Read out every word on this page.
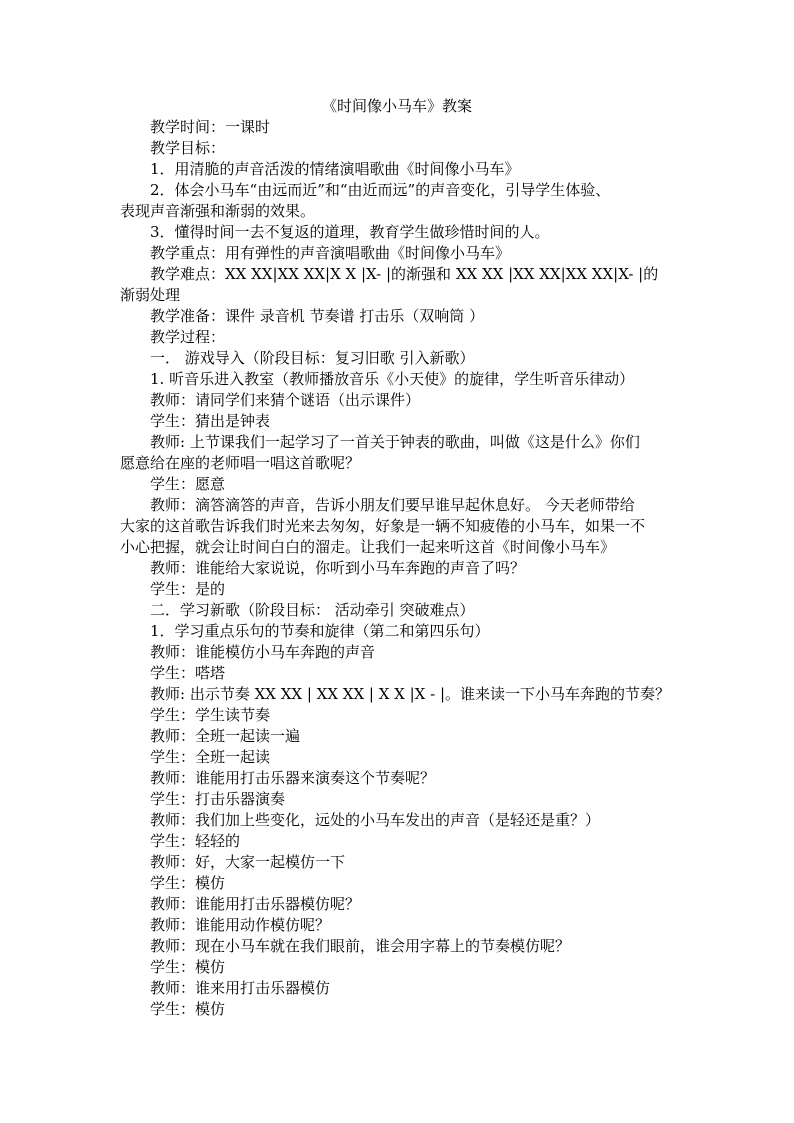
《时间像小马车》教案

教学时间：一课时

教学目标：

1．用清脆的声音活泼的情绪演唱歌曲《时间像小马车》

2．体会小马车“由远而近”和“由近而远”的声音变化，引导学生体验、

表现声音渐强和渐弱的效果。

3．懂得时间一去不复返的道理，教育学生做珍惜时间的人。

教学重点：用有弹性的声音演唱歌曲《时间像小马车》

教学难点：XX XX|XX XX|X X |X- |的渐强和 XX XX |XX XX|XX XX|X- |的

渐弱处理

教学准备：课件 录音机 节奏谱 打击乐（双响筒 ）

教学过程：

一． 游戏导入（阶段目标：复习旧歌 引入新歌）

1. 听音乐进入教室（教师播放音乐《小天使》的旋律，学生听音乐律动）

教师：请同学们来猜个谜语（出示课件）

学生：猜出是钟表

教师: 上节课我们一起学习了一首关于钟表的歌曲，叫做《这是什么》你们

愿意给在座的老师唱一唱这首歌呢？

学生：愿意

教师：滴答滴答的声音，告诉小朋友们要早谁早起休息好。 今天老师带给

大家的这首歌告诉我们时光来去匆匆，好象是一辆不知疲倦的小马车，如果一不

小心把握，就会让时间白白的溜走。让我们一起来听这首《时间像小马车》

教师：谁能给大家说说，你听到小马车奔跑的声音了吗？

学生：是的

二．学习新歌（阶段目标： 活动牵引 突破难点）

1．学习重点乐句的节奏和旋律（第二和第四乐句）

教师：谁能模仿小马车奔跑的声音

学生：嗒塔

教师: 出示节奏 XX XX | XX XX | X X |X - |。谁来读一下小马车奔跑的节奏？

学生：学生读节奏

教师：全班一起读一遍

学生：全班一起读

教师：谁能用打击乐器来演奏这个节奏呢？

学生：打击乐器演奏

教师：我们加上些变化，远处的小马车发出的声音（是轻还是重？）

学生：轻轻的

教师：好，大家一起模仿一下

学生：模仿

教师：谁能用打击乐器模仿呢？

教师：谁能用动作模仿呢？

教师：现在小马车就在我们眼前，谁会用字幕上的节奏模仿呢？

学生：模仿

教师：谁来用打击乐器模仿

学生：模仿
